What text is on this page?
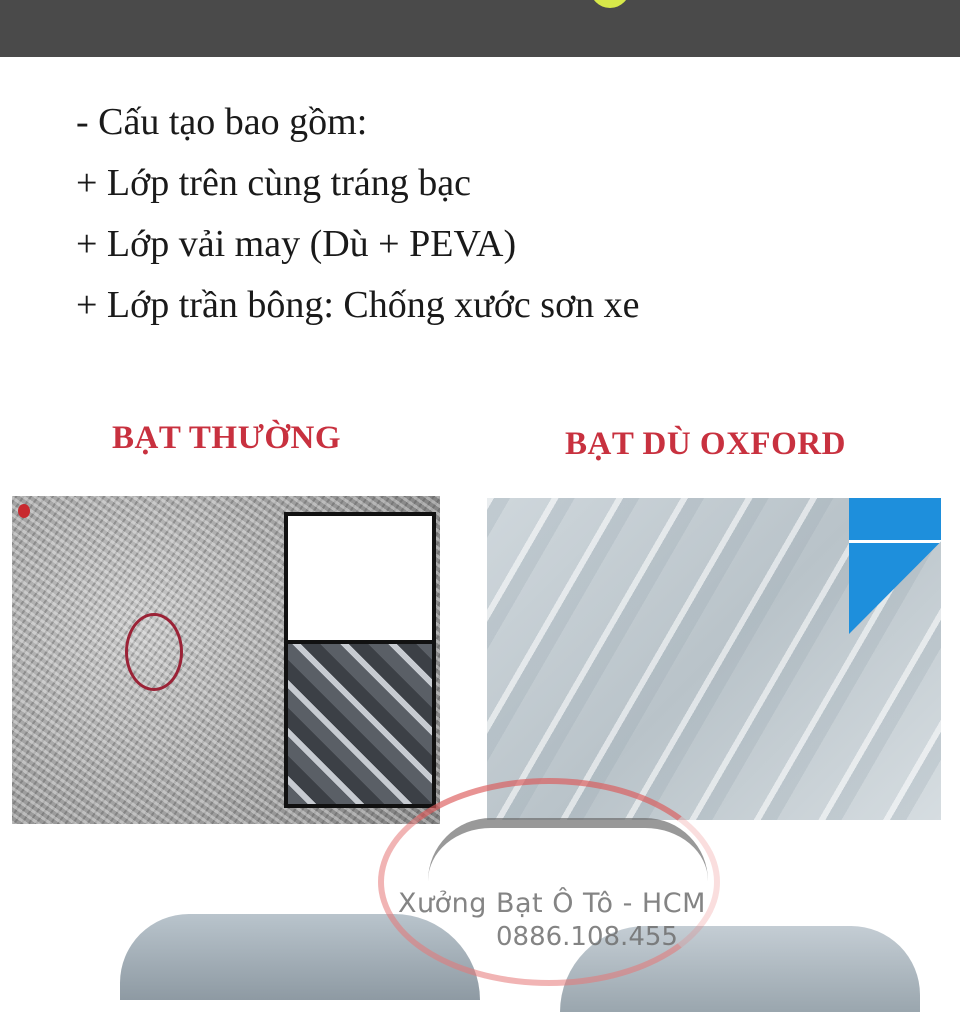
- Cấu tạo bao gồm:
+ Lớp trên cùng tráng bạc
+ Lớp vải may (Dù + PEVA)
+ Lớp trần bông: Chống xước sơn xe
BẠT THƯỜNG	BẠT DÙ OXFORD
Xưởng Bạt Ô Tô - HCM
0886.108.455
